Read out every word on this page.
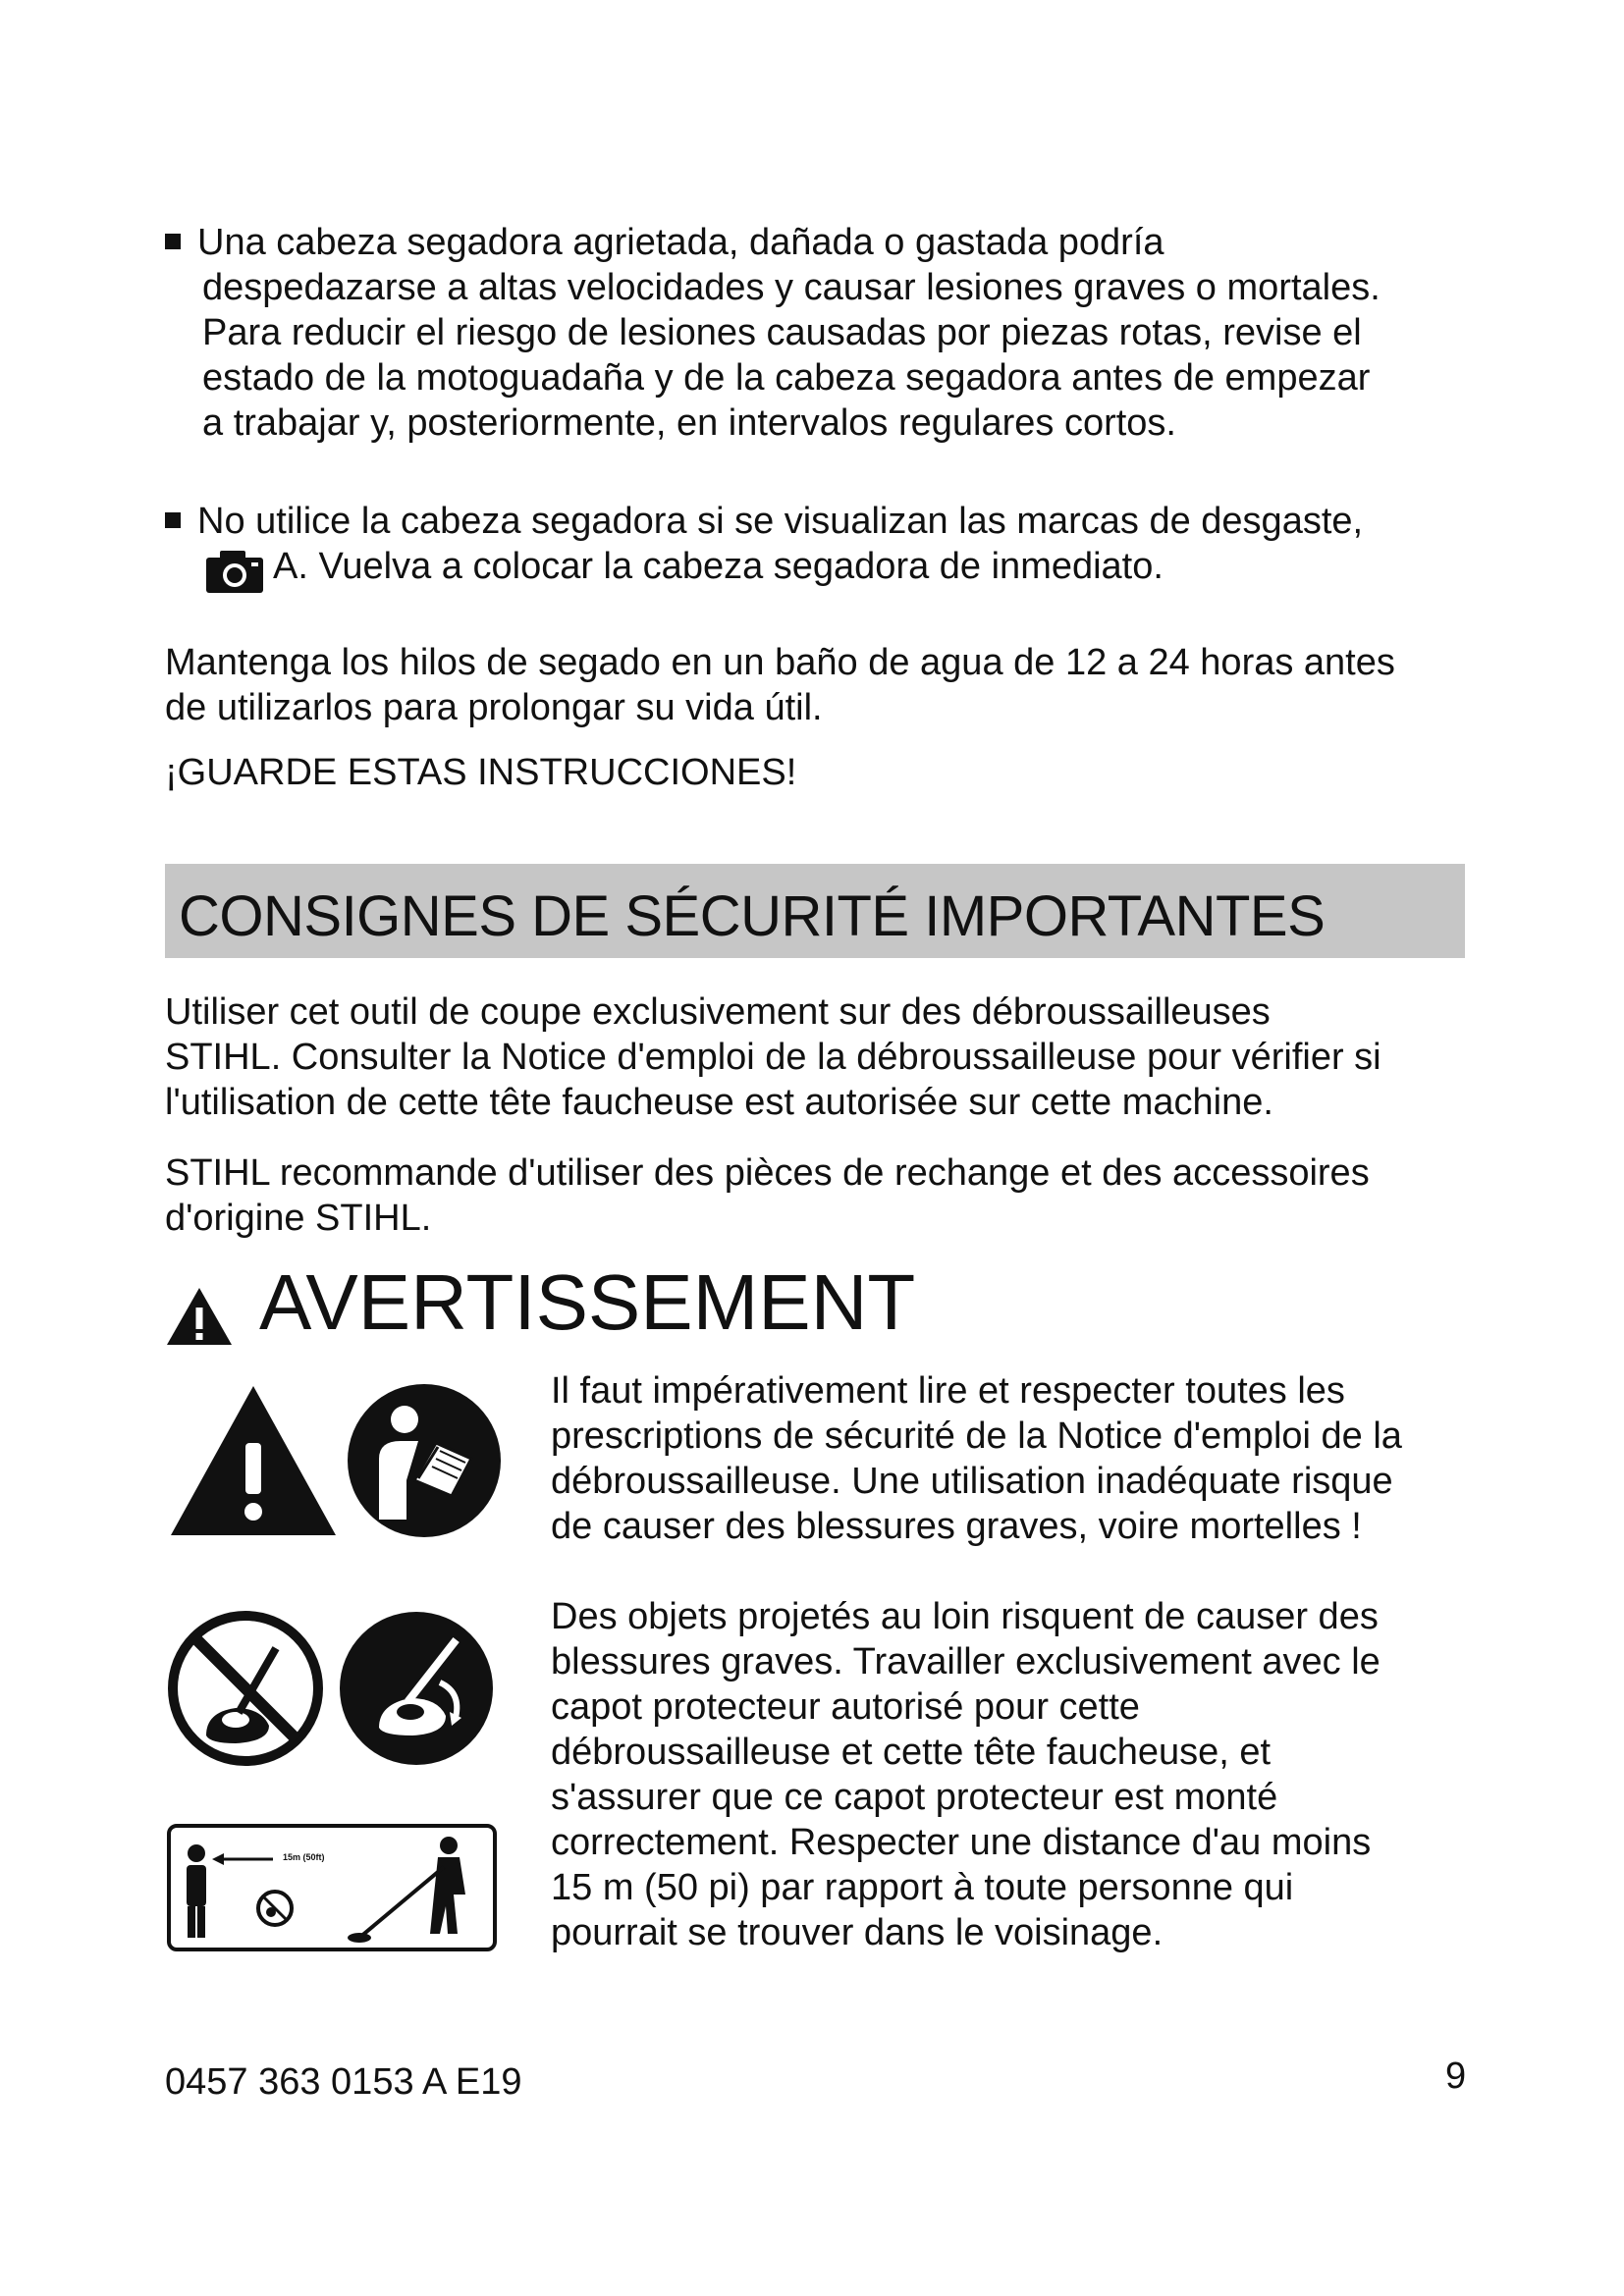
Una cabeza segadora agrietada, dañada o gastada podría
despedazarse a altas velocidades y causar lesiones graves o mortales.
Para reducir el riesgo de lesiones causadas por piezas rotas, revise el
estado de la motoguadaña y de la cabeza segadora antes de empezar
a trabajar y, posteriormente, en intervalos regulares cortos.
No utilice la cabeza segadora si se visualizan las marcas de desgaste,
A. Vuelva a colocar la cabeza segadora de inmediato.
Mantenga los hilos de segado en un baño de agua de 12 a 24 horas antes
de utilizarlos para prolongar su vida útil.
¡GUARDE ESTAS INSTRUCCIONES!
CONSIGNES DE SÉCURITÉ IMPORTANTES
Utiliser cet outil de coupe exclusivement sur des débroussailleuses
STIHL. Consulter la Notice d'emploi de la débroussailleuse pour vérifier si
l'utilisation de cette tête faucheuse est autorisée sur cette machine.
STIHL recommande d'utiliser des pièces de rechange et des accessoires
d'origine STIHL.
AVERTISSEMENT
15m (50ft)
Il faut impérativement lire et respecter toutes les
prescriptions de sécurité de la Notice d'emploi de la
débroussailleuse. Une utilisation inadéquate risque
de causer des blessures graves, voire mortelles !
Des objets projetés au loin risquent de causer des
blessures graves. Travailler exclusivement avec le
capot protecteur autorisé pour cette
débroussailleuse et cette tête faucheuse, et
s'assurer que ce capot protecteur est monté
correctement. Respecter une distance d'au moins
15 m (50 pi) par rapport à toute personne qui
pourrait se trouver dans le voisinage.
0457 363 0153 A E19	9
